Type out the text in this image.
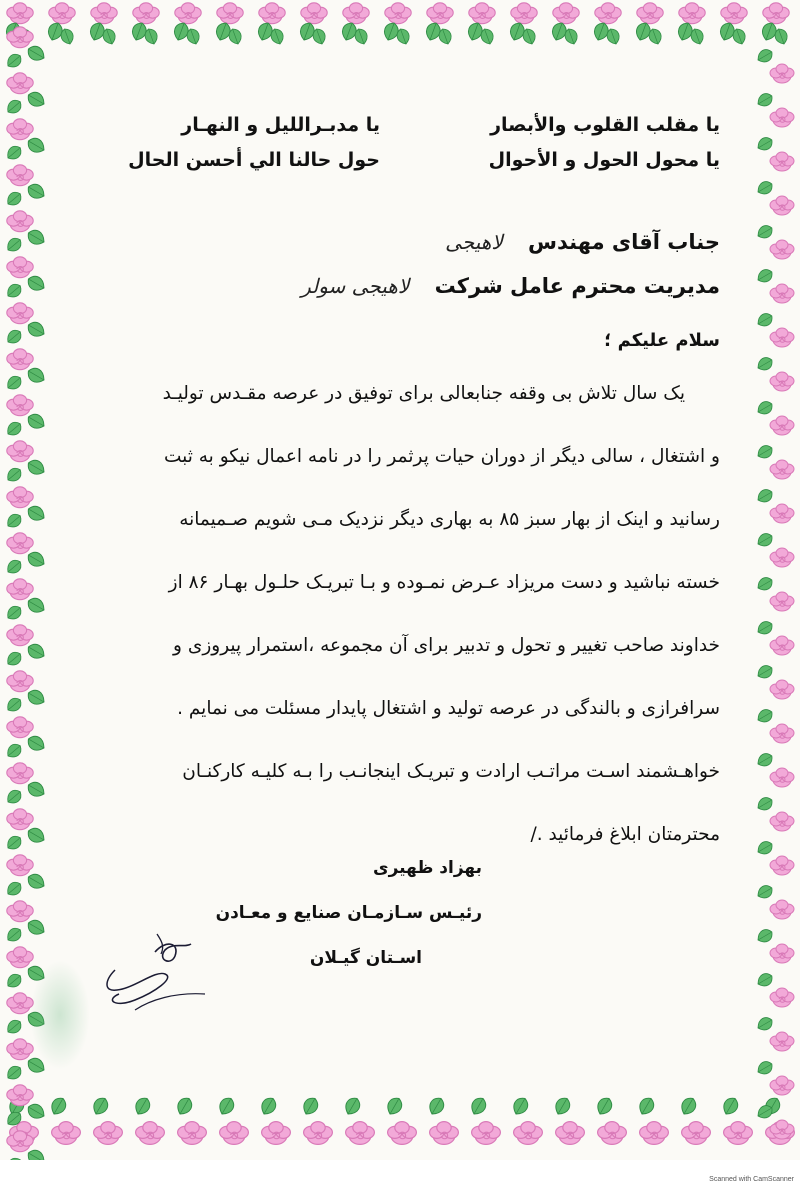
یا مقلب القلوب والأبصار
یا مدبـرالليل و النهـار
یا محول الحول و الأحوال
حول حالنا الي أحسن الحال
جناب آقای مهندس لاهیجی
مدیریت محترم عامل شرکت لاهیجی سولر
سلام علیکم ؛
یک سال تلاش بی وقفه جنابعالی برای توفیق در عرصه مقـدس تولیـد
و اشتغال ، سالی دیگر از دوران حیات پرثمر را در نامه اعمال نیکو به ثبت
رسانید و اینک از بهار سبز ۸۵ به بهاری دیگر نزدیک مـی شویم صـمیمانه
خسته نباشید و دست مریزاد عـرض نمـوده و بـا تبریـک حلـول بهـار ۸۶ از
خداوند صاحب تغییر و تحول و تدبیر برای آن مجموعه ،استمرار پیروزی و
سرافرازی و بالندگی در عرصه تولید و اشتغال پایدار مسئلت می نمایم .
خواهـشمند اسـت مراتـب ارادت و تبریـک اینجانـب را بـه کلیـه کارکنـان
محترمتان ابلاغ فرمائید ./
بهزاد ظهیری
رئیـس سـازمـان صنایع و معـادن
اسـتان گیـلان
Scanned with CamScanner
